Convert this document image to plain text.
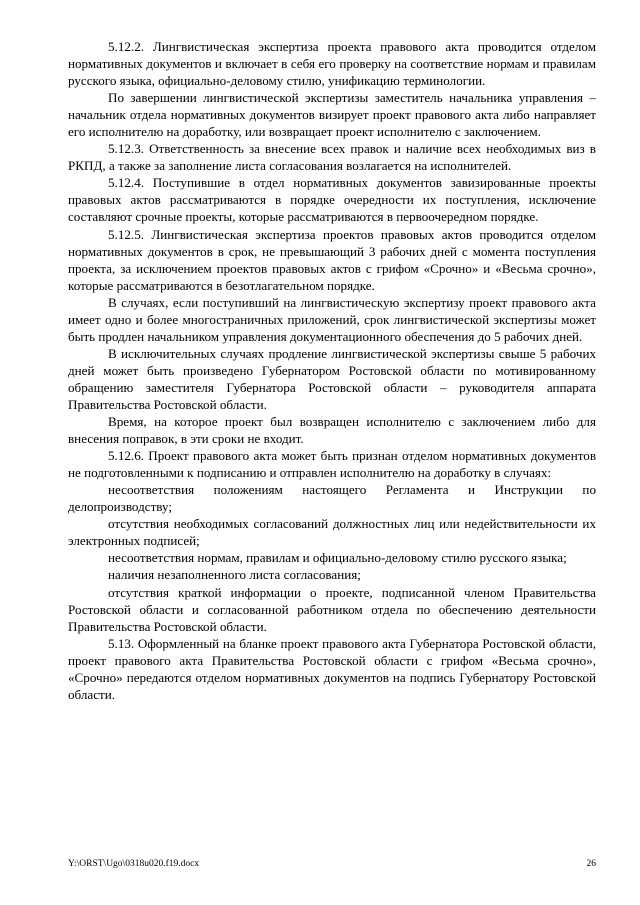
5.12.2. Лингвистическая экспертиза проекта правового акта проводится отделом нормативных документов и включает в себя его проверку на соответствие нормам и правилам русского языка, официально-деловому стилю, унификацию терминологии.

По завершении лингвистической экспертизы заместитель начальника управления – начальник отдела нормативных документов визирует проект правового акта либо направляет его исполнителю на доработку, или возвращает проект исполнителю с заключением.

5.12.3. Ответственность за внесение всех правок и наличие всех необходимых виз в РКПД, а также за заполнение листа согласования возлагается на исполнителей.

5.12.4. Поступившие в отдел нормативных документов завизированные проекты правовых актов рассматриваются в порядке очередности их поступления, исключение составляют срочные проекты, которые рассматриваются в первоочередном порядке.

5.12.5. Лингвистическая экспертиза проектов правовых актов проводится отделом нормативных документов в срок, не превышающий 3 рабочих дней с момента поступления проекта, за исключением проектов правовых актов с грифом «Срочно» и «Весьма срочно», которые рассматриваются в безотлагательном порядке.

В случаях, если поступивший на лингвистическую экспертизу проект правового акта имеет одно и более многостраничных приложений, срок лингвистической экспертизы может быть продлен начальником управления документационного обеспечения до 5 рабочих дней.

В исключительных случаях продление лингвистической экспертизы свыше 5 рабочих дней может быть произведено Губернатором Ростовской области по мотивированному обращению заместителя Губернатора Ростовской области – руководителя аппарата Правительства Ростовской области.

Время, на которое проект был возвращен исполнителю с заключением либо для внесения поправок, в эти сроки не входит.

5.12.6. Проект правового акта может быть признан отделом нормативных документов не подготовленными к подписанию и отправлен исполнителю на доработку в случаях:

несоответствия положениям настоящего Регламента и Инструкции по делопроизводству;

отсутствия необходимых согласований должностных лиц или недействительности их электронных подписей;

несоответствия нормам, правилам и официально-деловому стилю русского языка;

наличия незаполненного листа согласования;

отсутствия краткой информации о проекте, подписанной членом Правительства Ростовской области и согласованной работником отдела по обеспечению деятельности Правительства Ростовской области.

5.13. Оформленный на бланке проект правового акта Губернатора Ростовской области, проект правового акта Правительства Ростовской области с грифом «Весьма срочно», «Срочно» передаются отделом нормативных документов на подпись Губернатору Ростовской области.

Y:\ORST\Ugo\0318u020.f19.docx	26
